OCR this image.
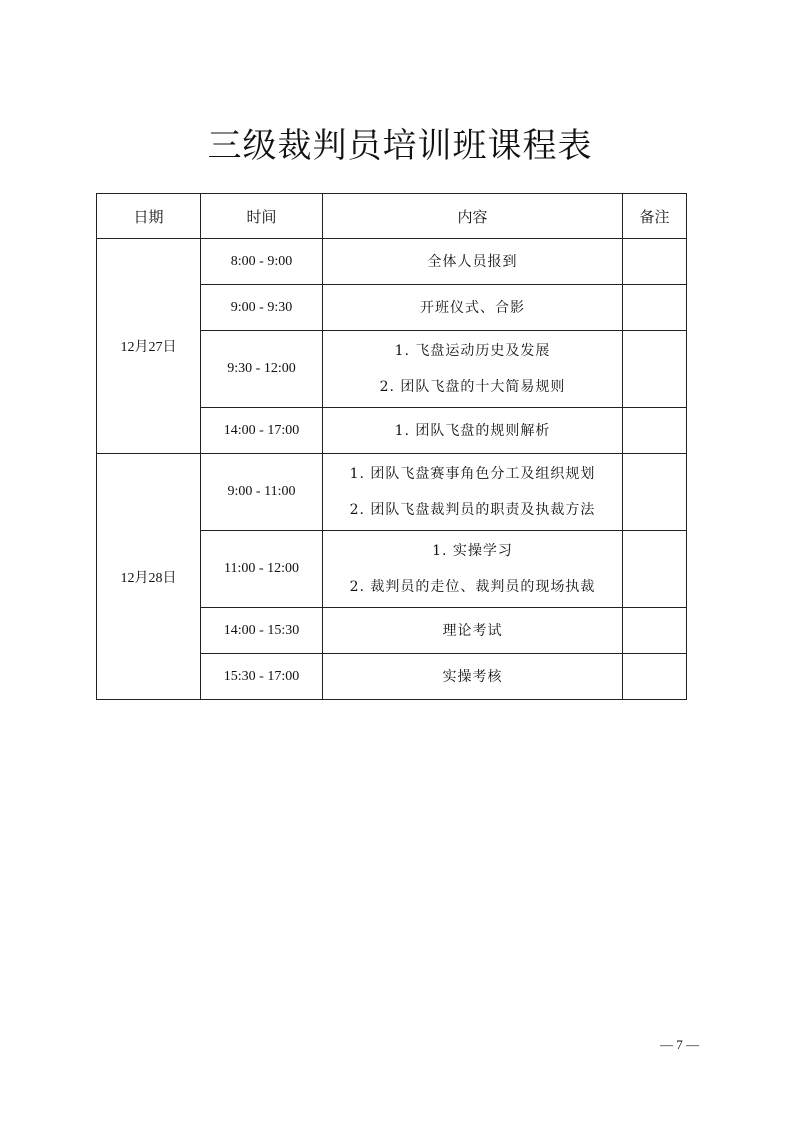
三级裁判员培训班课程表
日期	时间	内容	备注
12月27日	8:00 - 9:00	全体人员报到	

	9:00 - 9:30	开班仪式、合影	

	9:30 - 12:00	1. 飞盘运动历史及发展
2. 团队飞盘的十大简易规则	

	14:00 - 17:00	1. 团队飞盘的规则解析	

12月28日	9:00 - 11:00	1. 团队飞盘赛事角色分工及组织规划
2. 团队飞盘裁判员的职责及执裁方法	

	11:00 - 12:00	1. 实操学习
2. 裁判员的走位、裁判员的现场执裁	

	14:00 - 15:30	理论考试	

	15:30 - 17:00	实操考核	

— 7 —
